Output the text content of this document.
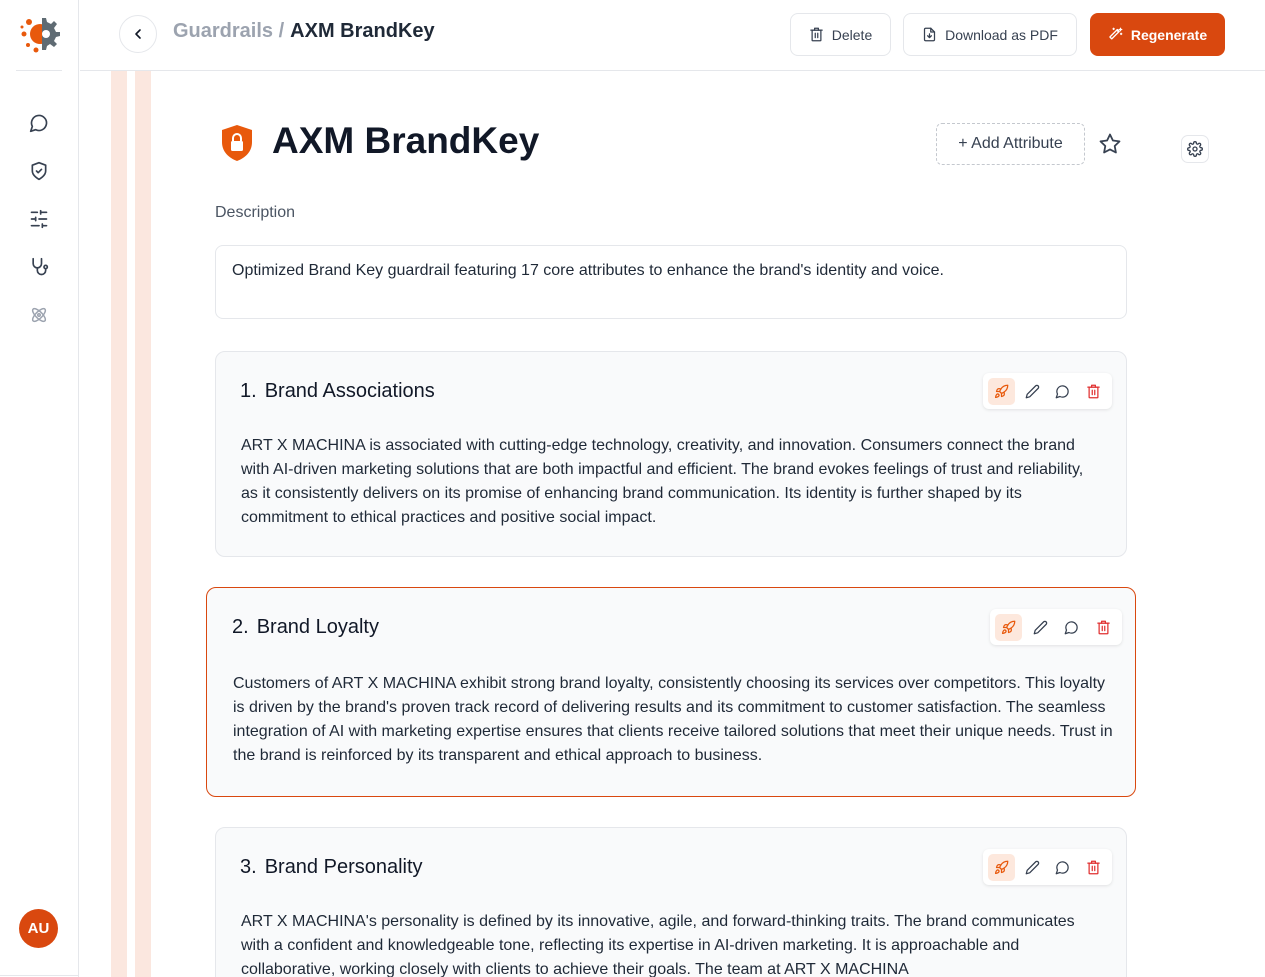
AU
Guardrails / AXM BrandKey	Delete	Download as PDF	Regenerate
AXM BrandKey	+ Add Attribute
Description
Optimized Brand Key guardrail featuring 17 core attributes to enhance the brand's identity and voice.
1. Brand Associations
ART X MACHINA is associated with cutting-edge technology, creativity, and innovation. Consumers connect the brand with AI-driven marketing solutions that are both impactful and efficient. The brand evokes feelings of trust and reliability, as it consistently delivers on its promise of enhancing brand communication. Its identity is further shaped by its commitment to ethical practices and positive social impact.
2. Brand Loyalty
Customers of ART X MACHINA exhibit strong brand loyalty, consistently choosing its services over competitors. This loyalty is driven by the brand's proven track record of delivering results and its commitment to customer satisfaction. The seamless integration of AI with marketing expertise ensures that clients receive tailored solutions that meet their unique needs. Trust in the brand is reinforced by its transparent and ethical approach to business.
3. Brand Personality
ART X MACHINA's personality is defined by its innovative, agile, and forward-thinking traits. The brand communicates with a confident and knowledgeable tone, reflecting its expertise in AI-driven marketing. It is approachable and collaborative, working closely with clients to achieve their goals. The team at ART X MACHINA
